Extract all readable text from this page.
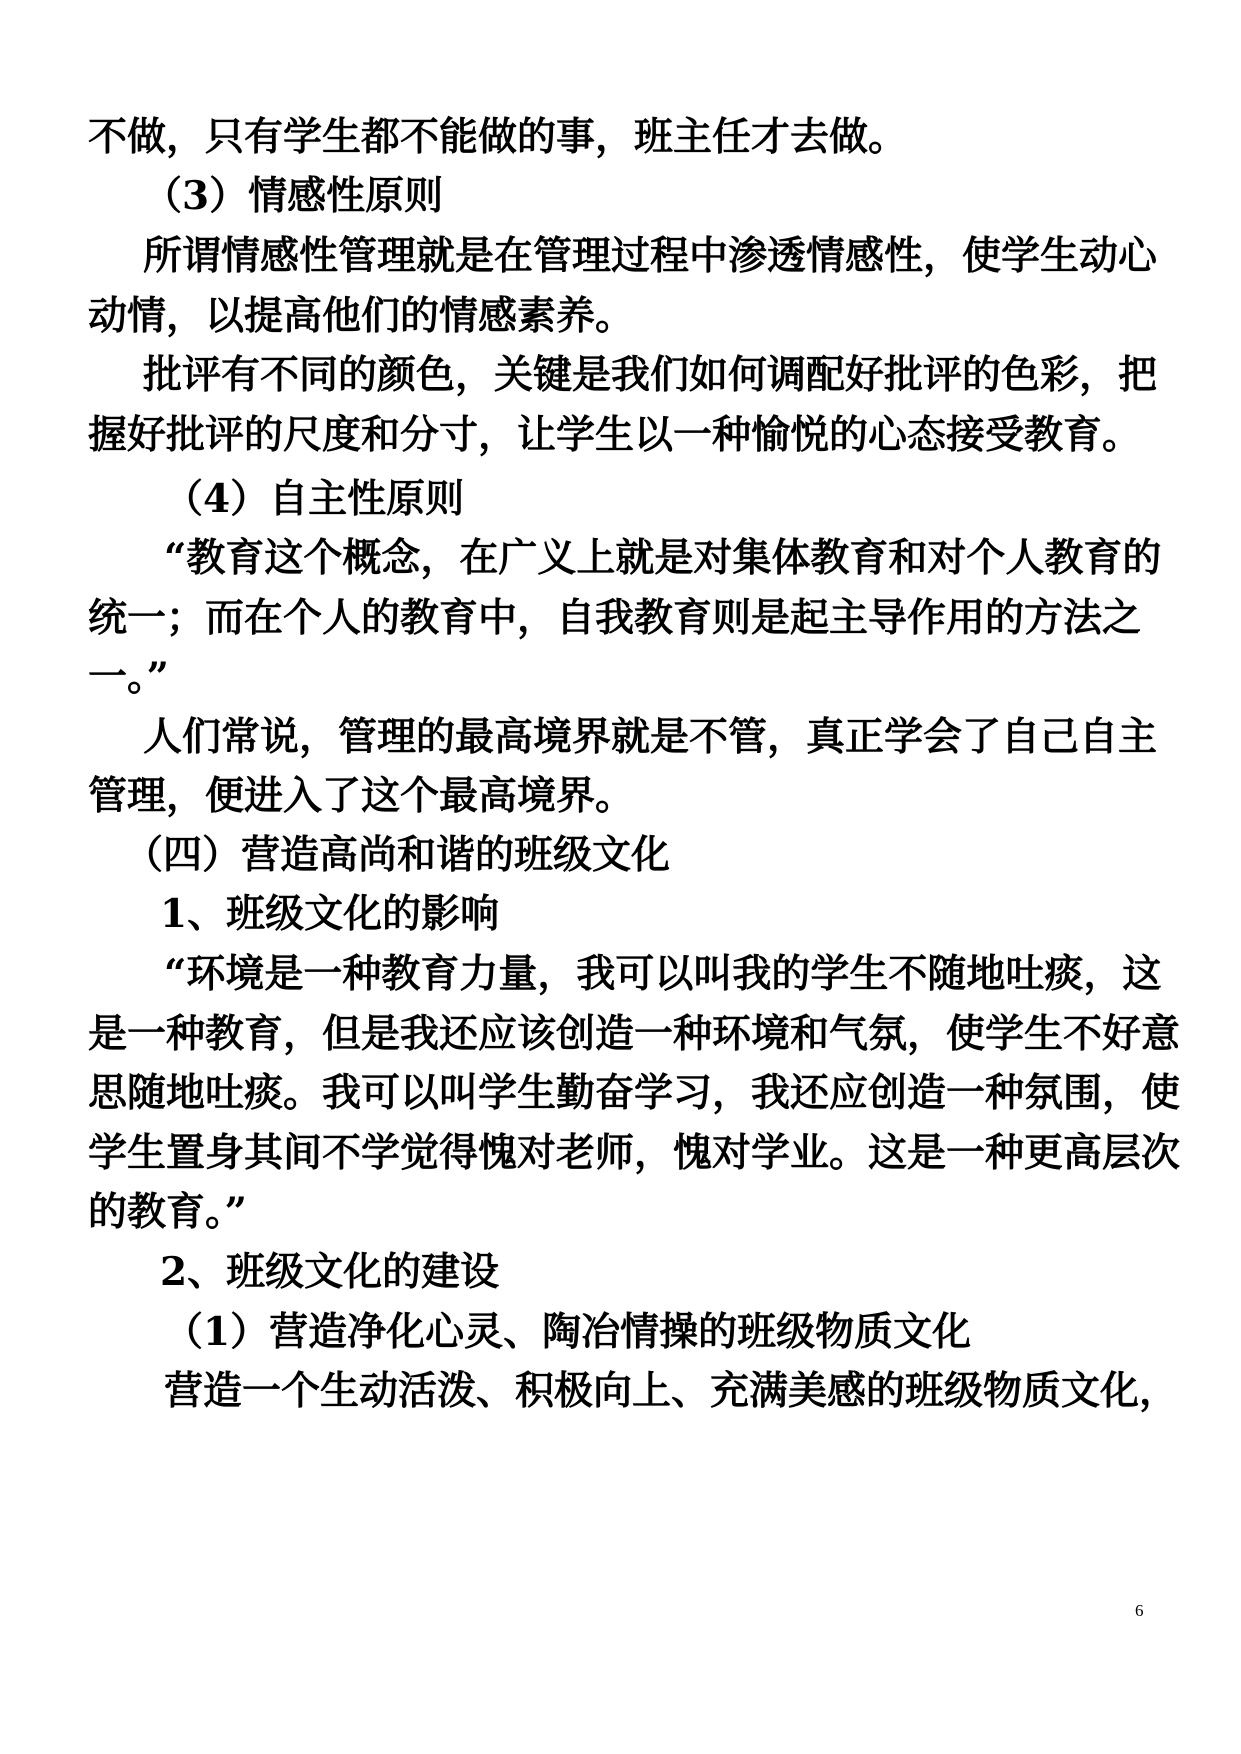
不做，只有学生都不能做的事，班主任才去做。
（3）情感性原则
所谓情感性管理就是在管理过程中渗透情感性，使学生动心
动情，以提高他们的情感素养。
批评有不同的颜色，关键是我们如何调配好批评的色彩，把
握好批评的尺度和分寸，让学生以一种愉悦的心态接受教育。
（4）自主性原则
“教育这个概念，在广义上就是对集体教育和对个人教育的
统一；而在个人的教育中，自我教育则是起主导作用的方法之
一。”
人们常说，管理的最高境界就是不管，真正学会了自己自主
管理，便进入了这个最高境界。
（四）营造高尚和谐的班级文化
1、班级文化的影响
“环境是一种教育力量，我可以叫我的学生不随地吐痰，这
是一种教育，但是我还应该创造一种环境和气氛，使学生不好意
思随地吐痰。我可以叫学生勤奋学习，我还应创造一种氛围，使
学生置身其间不学觉得愧对老师，愧对学业。这是一种更高层次
的教育。”
2、班级文化的建设
（1）营造净化心灵、陶冶情操的班级物质文化
营造一个生动活泼、积极向上、充满美感的班级物质文化，
6
